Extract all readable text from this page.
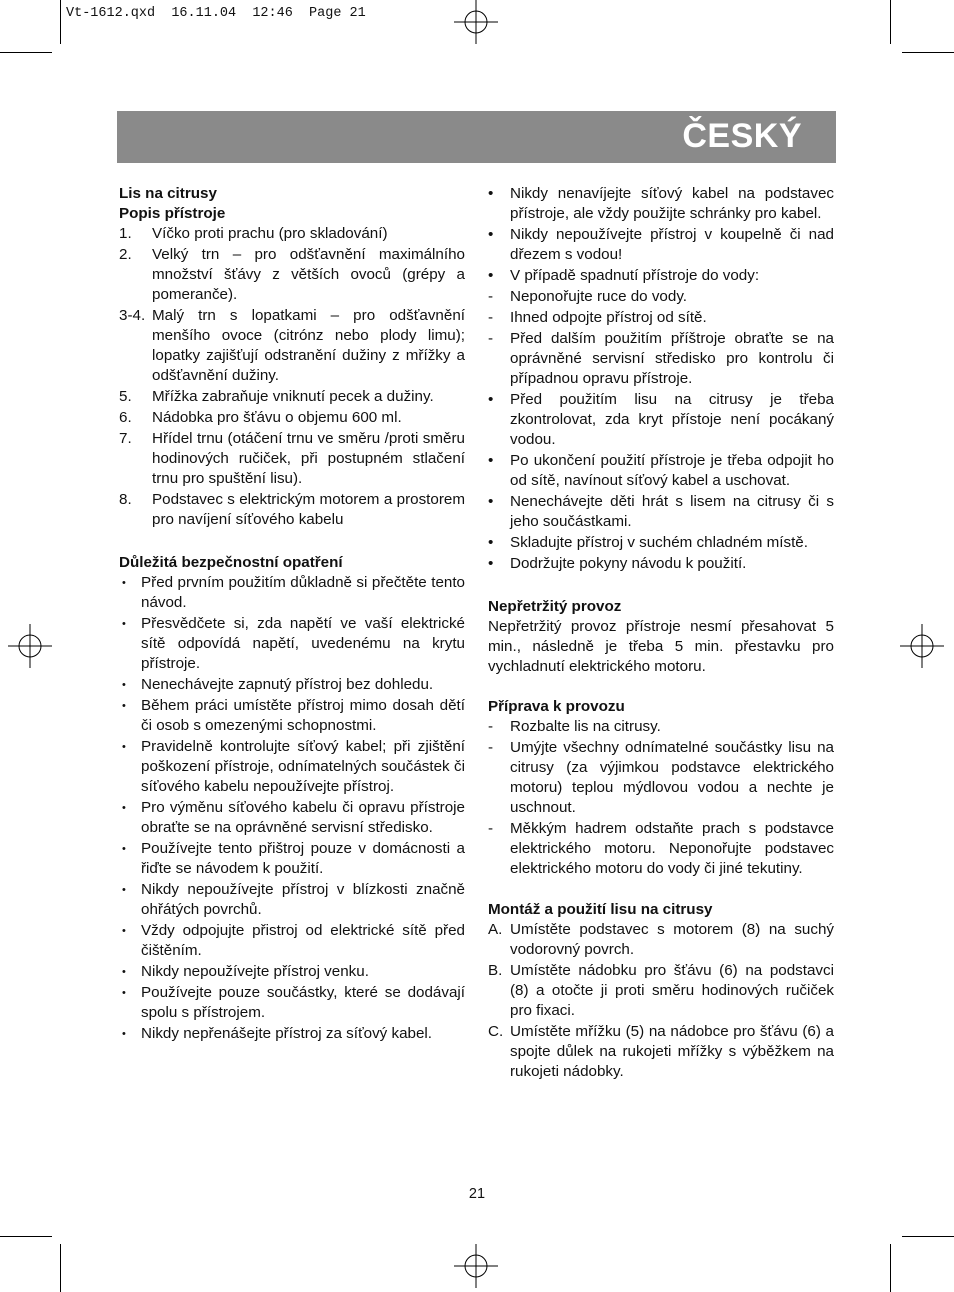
Vt-1612.qxd  16.11.04  12:46  Page 21
ČESKÝ

Lis na citrusy

Popis přístroje

1.	Víčko proti prachu (pro skladování)
2.	Velký trn – pro odšťavnění maximálního množství šťávy z větších ovoců (grépy a pomeranče).
3-4. Malý trn s lopatkami – pro odšťavnění menšího ovoce (citrónz nebo plody limu); lopatky zajišťují odstranění dužiny z mřížky a odšťavnění dužiny.
5.	Mřížka zabraňuje vniknutí pecek a dužiny.
6.	Nádobka pro šťávu o objemu 600 ml.
7.	Hřídel trnu (otáčení trnu ve směru /proti směru hodinových ručiček, při postupném stlačení trnu pro spuštění lisu).
8.	Podstavec s elektrickým motorem a prostorem pro navíjení síťového kabelu

Důležitá bezpečnostní opatření

• Před prvním použitím důkladně si přečtěte tento návod.
• Přesvědčete si, zda napětí ve vaší elektrické sítě odpovídá napětí, uvedenému na krytu přístroje.
• Nenechávejte zapnutý přístroj bez dohledu.
• Během práci umístěte přístroj mimo dosah dětí či osob s omezenými schopnostmi.
• Pravidelně kontrolujte síťový kabel; při zjištění poškození přístroje, odnímatelných součástek či síťového kabelu nepoužívejte přístroj.
• Pro výměnu síťového kabelu či opravu přístroje obraťte se na oprávněné servisní středisko.
• Používejte tento přištroj pouze v domácnosti a řiďte se návodem k použití.
• Nikdy nepoužívejte přístroj v blízkosti značně ohřátých povrchů.
• Vždy odpojujte přistroj od elektrické sítě před čištěním.
• Nikdy nepoužívejte přístroj venku.
• Používejte pouze součástky, které se dodávají spolu s přístrojem.
• Nikdy nepřenášejte přístroj za síťový kabel.
•	Nikdy nenavíjejte síťový kabel na podstavec přístroje, ale vždy použijte schránky pro kabel.
•	Nikdy nepoužívejte přístroj v koupelně či nad dřezem s vodou!
•	V případě spadnutí přístroje do vody:
-	Neponořujte ruce do vody.
-	Ihned odpojte přístroj od sítě.
-	Před dalším použitím příštroje obraťte se na oprávněné servisní středisko pro kontrolu či případnou opravu přístroje.
•	Před použitím lisu na citrusy je třeba zkontrolovat, zda kryt přístoje není pocákaný vodou.
•	Po ukončení použití přístroje je třeba odpojit ho od sítě, navínout síťový kabel a uschovat.
•	Nenechávejte děti hrát s lisem na citrusy či s jeho součástkami.
•	Skladujte přístroj v suchém chladném místě.
•	Dodržujte pokyny návodu k použití.

Nepřetržitý provoz

Nepřetržitý provoz přístroje nesmí přesahovat 5 min., následně je třeba 5 min. přestavku pro vychladnutí elektrického motoru.

Příprava k provozu

-	Rozbalte lis na citrusy.
-	Umýjte všechny odnímatelné součástky lisu na citrusy (za výjimkou podstavce elektrického motoru) teplou mýdlovou vodou a nechte je uschnout.
-	Měkkým hadrem odstaňte prach s podstavce elektrického motoru. Neponořujte podstavec elektrického motoru do vody či jiné tekutiny.

Montáž a použití lisu na citrusy

A. Umístěte podstavec s motorem (8) na suchý vodorovný povrch.
B. Umístěte nádobku pro šťávu (6) na podstavci (8) a otočte ji proti směru hodinových ručiček pro fixaci.
C. Umístěte mřížku (5) na nádobce pro šťávu (6) a spojte důlek na rukojeti mřížky s výběžkem na rukojeti nádobky.
21
